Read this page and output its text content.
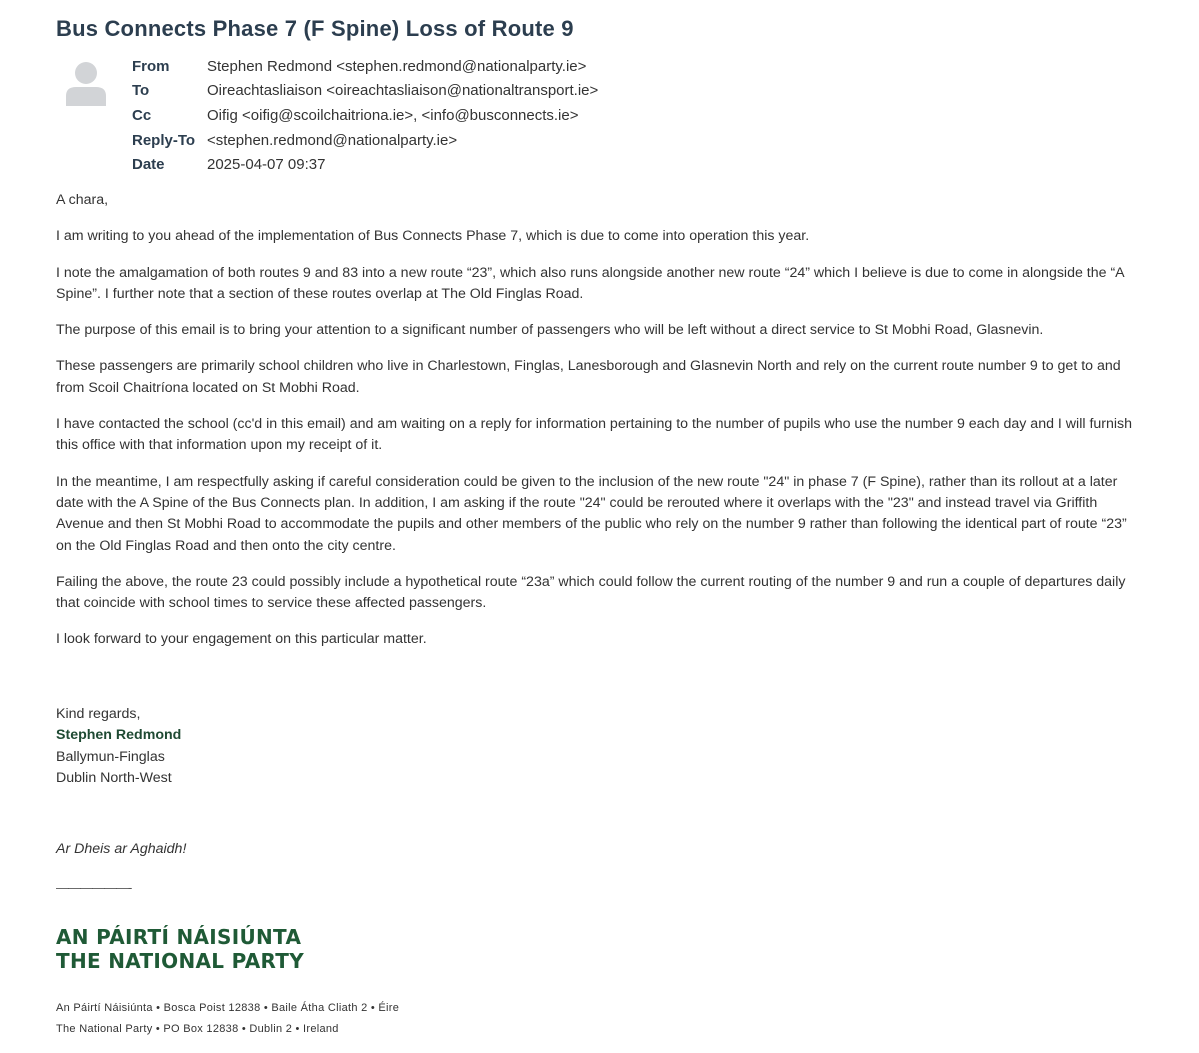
Bus Connects Phase 7 (F Spine) Loss of Route 9
From	Stephen Redmond <stephen.redmond@nationalparty.ie>
To	Oireachtasliaison <oireachtasliaison@nationaltransport.ie>
Cc	Oifig <oifig@scoilchaitriona.ie>, <info@busconnects.ie>
Reply-To <stephen.redmond@nationalparty.ie>
Date	2025-04-07 09:37

A chara,

I am writing to you ahead of the implementation of Bus Connects Phase 7, which is due to come into operation this year.

I note the amalgamation of both routes 9 and 83 into a new route “23”, which also runs alongside another new route “24” which I believe is due to come in alongside the “A Spine”. I further note that a section of these routes overlap at The Old Finglas Road.

The purpose of this email is to bring your attention to a significant number of passengers who will be left without a direct service to St Mobhi Road, Glasnevin.

These passengers are primarily school children who live in Charlestown, Finglas, Lanesborough and Glasnevin North and rely on the current route number 9 to get to and from Scoil Chaitríona located on St Mobhi Road.

I have contacted the school (cc'd in this email) and am waiting on a reply for information pertaining to the number of pupils who use the number 9 each day and I will furnish this office with that information upon my receipt of it.

In the meantime, I am respectfully asking if careful consideration could be given to the inclusion of the new route "24" in phase 7 (F Spine), rather than its rollout at a later date with the A Spine of the Bus Connects plan. In addition, I am asking if the route "24" could be rerouted where it overlaps with the "23" and instead travel via Griffith Avenue and then St Mobhi Road to accommodate the pupils and other members of the public who rely on the number 9 rather than following the identical part of route “23” on the Old Finglas Road and then onto the city centre.

Failing the above, the route 23 could possibly include a hypothetical route “23a” which could follow the current routing of the number 9 and run a couple of departures daily that coincide with school times to service these affected passengers.

I look forward to your engagement on this particular matter.

Kind regards,
Stephen Redmond
Ballymun-Finglas
Dublin North-West
Ar Dheis ar Aghaidh!
——————-
AN PÁIRTÍ NÁISIÚNTA
THE NATIONAL PARTY
An Páirtí Náisiúnta • Bosca Poist 12838 • Baile Átha Cliath 2 • Éire
The National Party • PO Box 12838 • Dublin 2 • Ireland
